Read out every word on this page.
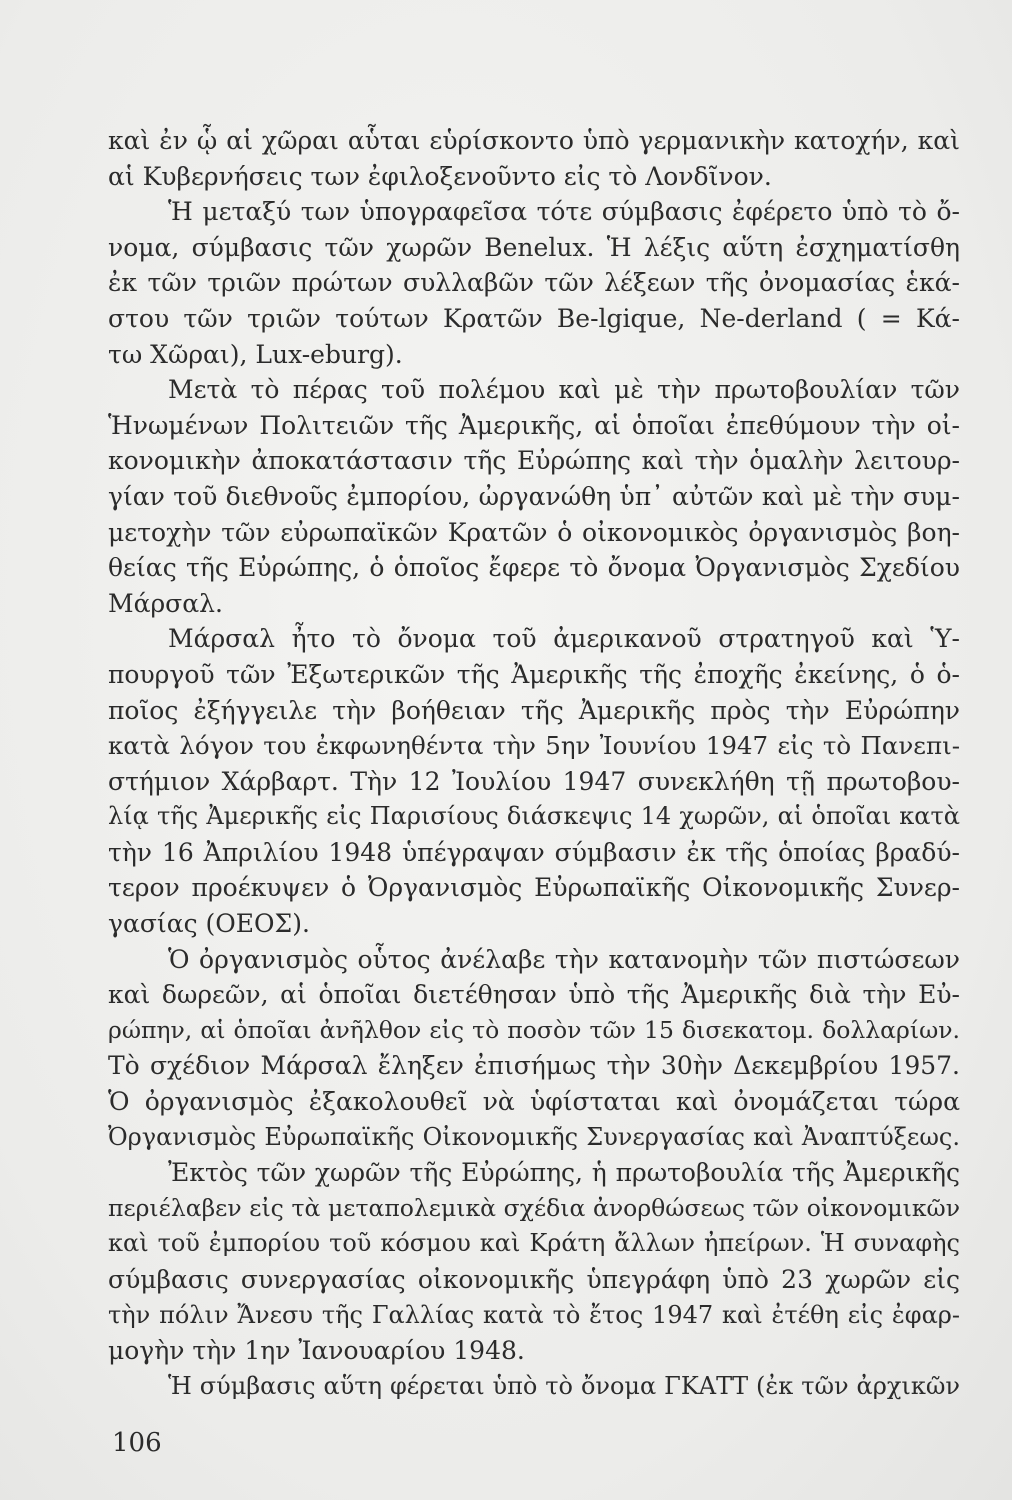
καὶ ἐν ᾧ αἱ χῶραι αὗται εὑρίσκοντο ὑπὸ γερμανικὴν κατοχήν, καὶ
αἱ Κυβερνήσεις των ἐφιλοξενοῦντο εἰς τὸ Λονδῖνον.
Ἡ μεταξύ των ὑπογραφεῖσα τότε σύμβασις ἐφέρετο ὑπὸ τὸ ὄ-
νομα, σύμβασις τῶν χωρῶν Benelux. Ἡ λέξις αὕτη ἐσχηματίσθη
ἐκ τῶν τριῶν πρώτων συλλαβῶν τῶν λέξεων τῆς ὀνομασίας ἑκά-
στου τῶν τριῶν τούτων Κρατῶν Be-lgique, Ne-derland ( = Κά-
τω Χῶραι), Lux-eburg).
Μετὰ τὸ πέρας τοῦ πολέμου καὶ μὲ τὴν πρωτοβουλίαν τῶν
Ἡνωμένων Πολιτειῶν τῆς Ἀμερικῆς, αἱ ὁποῖαι ἐπεθύμουν τὴν οἰ-
κονομικὴν ἀποκατάστασιν τῆς Εὐρώπης καὶ τὴν ὁμαλὴν λειτουρ-
γίαν τοῦ διεθνοῦς ἐμπορίου, ὠργανώθη ὑπ᾽ αὐτῶν καὶ μὲ τὴν συμ-
μετοχὴν τῶν εὐρωπαϊκῶν Κρατῶν ὁ οἰκονομικὸς ὀργανισμὸς βοη-
θείας τῆς Εὐρώπης, ὁ ὁποῖος ἔφερε τὸ ὄνομα Ὀργανισμὸς Σχεδίου
Μάρσαλ.
Μάρσαλ ἦτο τὸ ὄνομα τοῦ ἀμερικανοῦ στρατηγοῦ καὶ Ὑ-
πουργοῦ τῶν Ἐξωτερικῶν τῆς Ἀμερικῆς τῆς ἐποχῆς ἐκείνης, ὁ ὁ-
ποῖος ἐξήγγειλε τὴν βοήθειαν τῆς Ἀμερικῆς πρὸς τὴν Εὐρώπην
κατὰ λόγον του ἐκφωνηθέντα τὴν 5ην Ἰουνίου 1947 εἰς τὸ Πανεπι-
στήμιον Χάρβαρτ. Τὴν 12 Ἰουλίου 1947 συνεκλήθη τῇ πρωτοβου-
λίᾳ τῆς Ἀμερικῆς εἰς Παρισίους διάσκεψις 14 χωρῶν, αἱ ὁποῖαι κατὰ
τὴν 16 Ἀπριλίου 1948 ὑπέγραψαν σύμβασιν ἐκ τῆς ὁποίας βραδύ-
τερον προέκυψεν ὁ Ὀργανισμὸς Εὐρωπαϊκῆς Οἰκονομικῆς Συνερ-
γασίας (ΟΕΟΣ).
Ὁ ὀργανισμὸς οὗτος ἀνέλαβε τὴν κατανομὴν τῶν πιστώσεων
καὶ δωρεῶν, αἱ ὁποῖαι διετέθησαν ὑπὸ τῆς Ἀμερικῆς διὰ τὴν Εὐ-
ρώπην, αἱ ὁποῖαι ἀνῆλθον εἰς τὸ ποσὸν τῶν 15 δισεκατομ. δολλαρίων.
Τὸ σχέδιον Μάρσαλ ἔληξεν ἐπισήμως τὴν 30ὴν Δεκεμβρίου 1957.
Ὁ ὀργανισμὸς ἐξακολουθεῖ νὰ ὑφίσταται καὶ ὀνομάζεται τώρα
Ὀργανισμὸς Εὐρωπαϊκῆς Οἰκονομικῆς Συνεργασίας καὶ Ἀναπτύξεως.
Ἐκτὸς τῶν χωρῶν τῆς Εὐρώπης, ἡ πρωτοβουλία τῆς Ἀμερικῆς
περιέλαβεν εἰς τὰ μεταπολεμικὰ σχέδια ἀνορθώσεως τῶν οἰκονομικῶν
καὶ τοῦ ἐμπορίου τοῦ κόσμου καὶ Κράτη ἄλλων ἠπείρων. Ἡ συναφὴς
σύμβασις συνεργασίας οἰκονομικῆς ὑπεγράφη ὑπὸ 23 χωρῶν εἰς
τὴν πόλιν Ἄνεσυ τῆς Γαλλίας κατὰ τὸ ἔτος 1947 καὶ ἐτέθη εἰς ἐφαρ-
μογὴν τὴν 1ην Ἰανουαρίου 1948.
Ἡ σύμβασις αὕτη φέρεται ὑπὸ τὸ ὄνομα ΓΚΑΤΤ (ἐκ τῶν ἀρχικῶν
106
